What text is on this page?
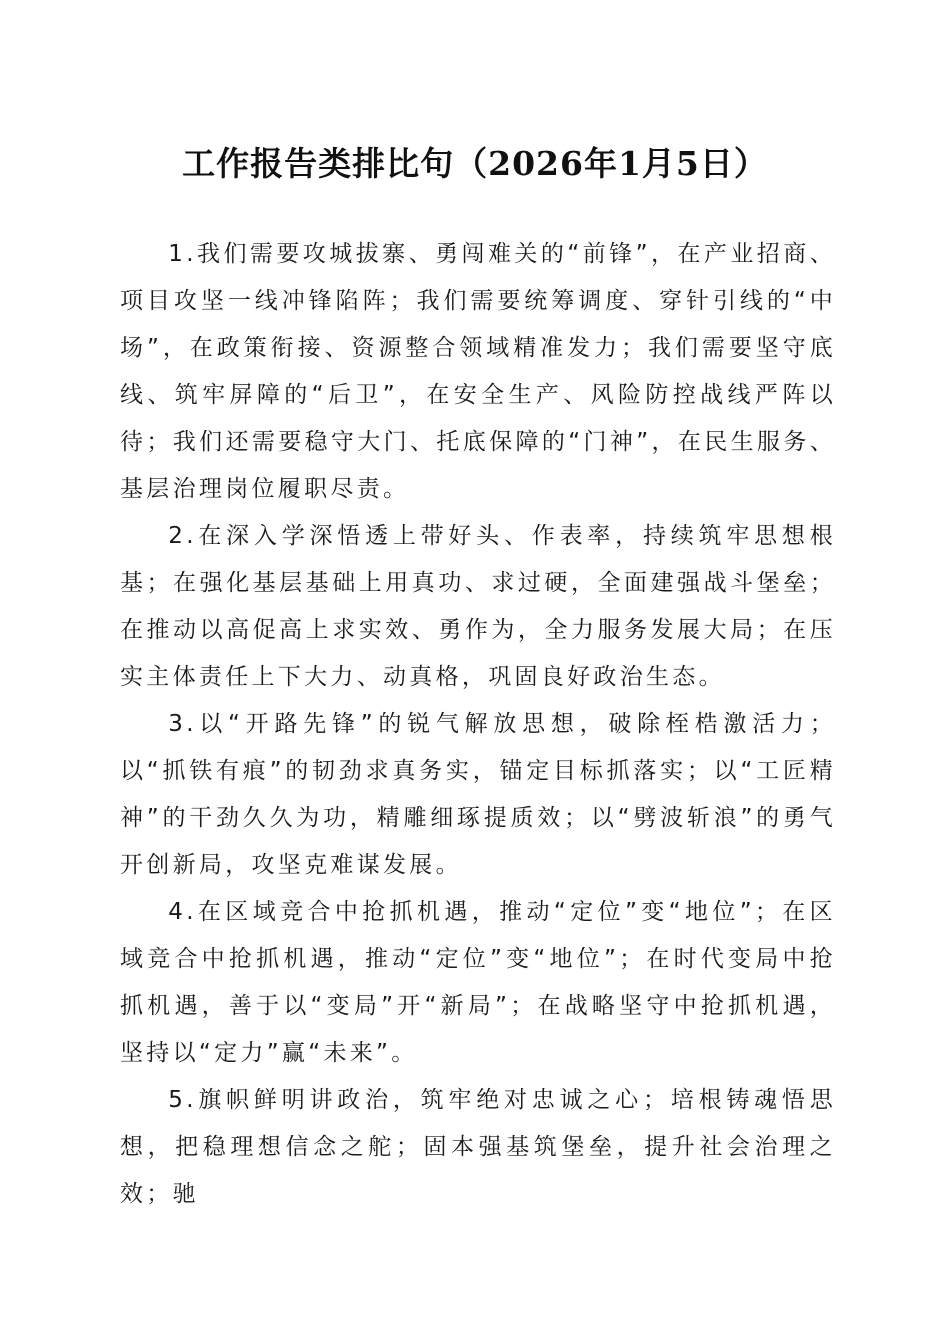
工作报告类排比句（2026年1月5日）

1.我们需要攻城拔寨、勇闯难关的“前锋”，在产业招商、项目攻坚一线冲锋陷阵；我们需要统筹调度、穿针引线的“中场”，在政策衔接、资源整合领域精准发力；我们需要坚守底线、筑牢屏障的“后卫”，在安全生产、风险防控战线严阵以待；我们还需要稳守大门、托底保障的“门神”，在民生服务、基层治理岗位履职尽责。

2.在深入学深悟透上带好头、作表率，持续筑牢思想根基；在强化基层基础上用真功、求过硬，全面建强战斗堡垒；在推动以高促高上求实效、勇作为，全力服务发展大局；在压实主体责任上下大力、动真格，巩固良好政治生态。

3.以“开路先锋”的锐气解放思想，破除桎梏激活力；以“抓铁有痕”的韧劲求真务实，锚定目标抓落实；以“工匠精神”的干劲久久为功，精雕细琢提质效；以“劈波斩浪”的勇气开创新局，攻坚克难谋发展。

4.在区域竞合中抢抓机遇，推动“定位”变“地位”；在区域竞合中抢抓机遇，推动“定位”变“地位”；在时代变局中抢抓机遇，善于以“变局”开“新局”；在战略坚守中抢抓机遇，坚持以“定力”赢“未来”。

5.旗帜鲜明讲政治，筑牢绝对忠诚之心；培根铸魂悟思想，把稳理想信念之舵；固本强基筑堡垒，提升社会治理之效；驰
